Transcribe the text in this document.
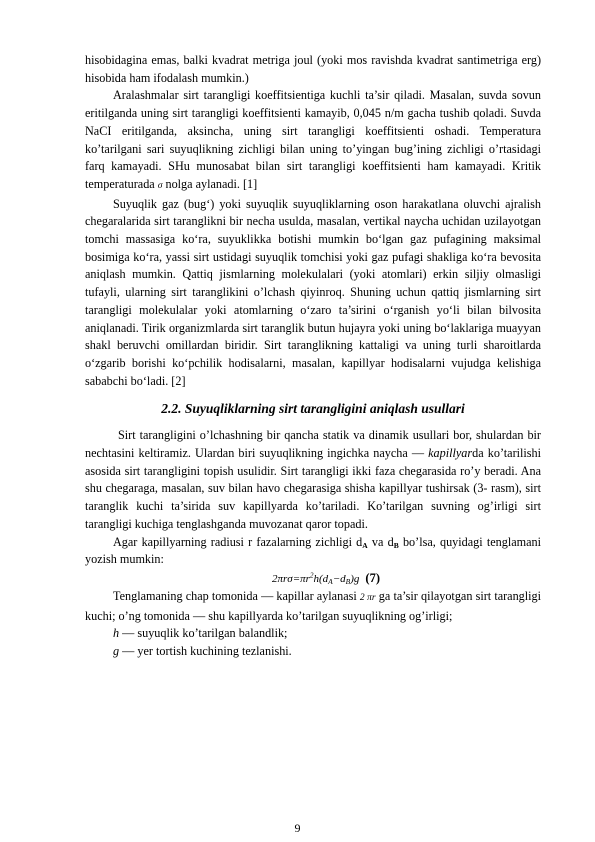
hisobidagina emas, balki kvadrat metriga joul (yoki mos ravishda kvadrat santimetriga erg) hisobida ham ifodalash mumkin.)

Aralashmalar sirt tarangligi koeffitsientiga kuchli ta’sir qiladi. Masalan, suvda sovun eritilganda uning sirt tarangligi koeffitsienti kamayib, 0,045 n/m gacha tushib qoladi. Suvda NaCI eritilganda, aksincha, uning sirt tarangligi koeffitsienti oshadi. Temperatura ko’tarilgani sari suyuqlikning zichligi bilan uning to’yingan bug’ining zichligi o’rtasidagi farq kamayadi. SHu munosabat bilan sirt tarangligi koeffitsienti ham kamayadi. Kritik temperaturada σ nolga aylanadi. [1]

Suyuqlik gaz (bug‘) yoki suyuqlik suyuqliklarning oson harakatlana oluvchi ajralish chegaralarida sirt taranglikni bir necha usulda, masalan, vertikal naycha uchidan uzilayotgan tomchi massasiga ko‘ra, suyuklikka botishi mumkin bo‘lgan gaz pufagining maksimal bosimiga ko‘ra, yassi sirt ustidagi suyuqlik tomchisi yoki gaz pufagi shakliga ko‘ra bevosita aniqlash mumkin. Qattiq jismlarning molekulalari (yoki atomlari) erkin siljiy olmasligi tufayli, ularning sirt taranglikini o’lchash qiyinroq. Shuning uchun qattiq jismlarning sirt tarangligi molekulalar yoki atomlarning o‘zaro ta’sirini o‘rganish yo‘li bilan bilvosita aniqlanadi. Tirik organizmlarda sirt taranglik butun hujayra yoki uning bo‘laklariga muayyan shakl beruvchi omillardan biridir. Sirt taranglikning kattaligi va uning turli sharoitlarda o‘zgarib borishi ko‘pchilik hodisalarni, masalan, kapillyar hodisalarni vujudga kelishiga sababchi bo‘ladi. [2]

2.2. Suyuqliklarning sirt tarangligini aniqlash usullari

Sirt tarangligini o’lchashning bir qancha statik va dinamik usullari bor, shulardan bir nechtasini keltiramiz. Ulardan biri suyuqlikning ingichka naycha — kapillyarda ko’tarilishi asosida sirt tarangligini topish usulidir. Sirt tarangligi ikki faza chegarasida ro’y beradi. Ana shu chegaraga, masalan, suv bilan havo chegarasiga shisha kapillyar tushirsak (3- rasm), sirt taranglik kuchi ta’sirida suv kapillyarda ko’tariladi. Ko’tarilgan suvning og’irligi sirt tarangligi kuchiga tenglashganda muvozanat qaror topadi.

Agar kapillyarning radiusi r fazalarning zichligi $d_A$ va $d_B$ bo’lsa, quyidagi tenglamani yozish mumkin:

$2\pi r\sigma=\pi r^2h(d_A-d_B)g$ (7)

Tenglamaning chap tomonida — kapillar aylanasi 2 πr ga ta’sir qilayotgan sirt tarangligi kuchi; o’ng tomonida — shu kapillyarda ko’tarilgan suyuqlikning og’irligi;

h — suyuqlik ko’tarilgan balandlik;

g — yer tortish kuchining tezlanishi.

9
